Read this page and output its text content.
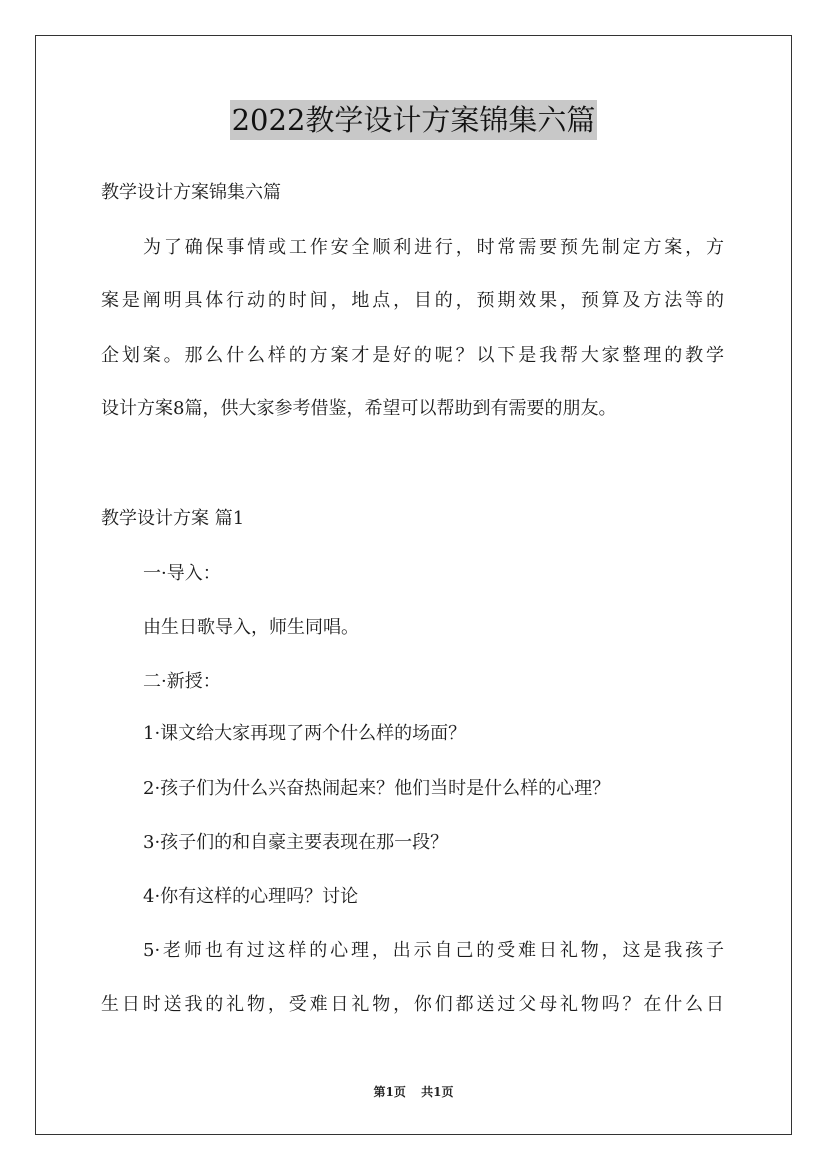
2022教学设计方案锦集六篇
教学设计方案锦集六篇
为了确保事情或工作安全顺利进行，时常需要预先制定方案，方
案是阐明具体行动的时间，地点，目的，预期效果，预算及方法等的
企划案。那么什么样的方案才是好的呢？以下是我帮大家整理的教学
设计方案8篇，供大家参考借鉴，希望可以帮助到有需要的朋友。
教学设计方案 篇1
一·导入：
由生日歌导入，师生同唱。
二·新授：
1·课文给大家再现了两个什么样的场面？
2·孩子们为什么兴奋热闹起来？他们当时是什么样的心理？
3·孩子们的和自豪主要表现在那一段？
4·你有这样的心理吗？讨论
5·老师也有过这样的心理，出示自己的受难日礼物，这是我孩子
生日时送我的礼物，受难日礼物，你们都送过父母礼物吗？在什么日
第1页 共1页
